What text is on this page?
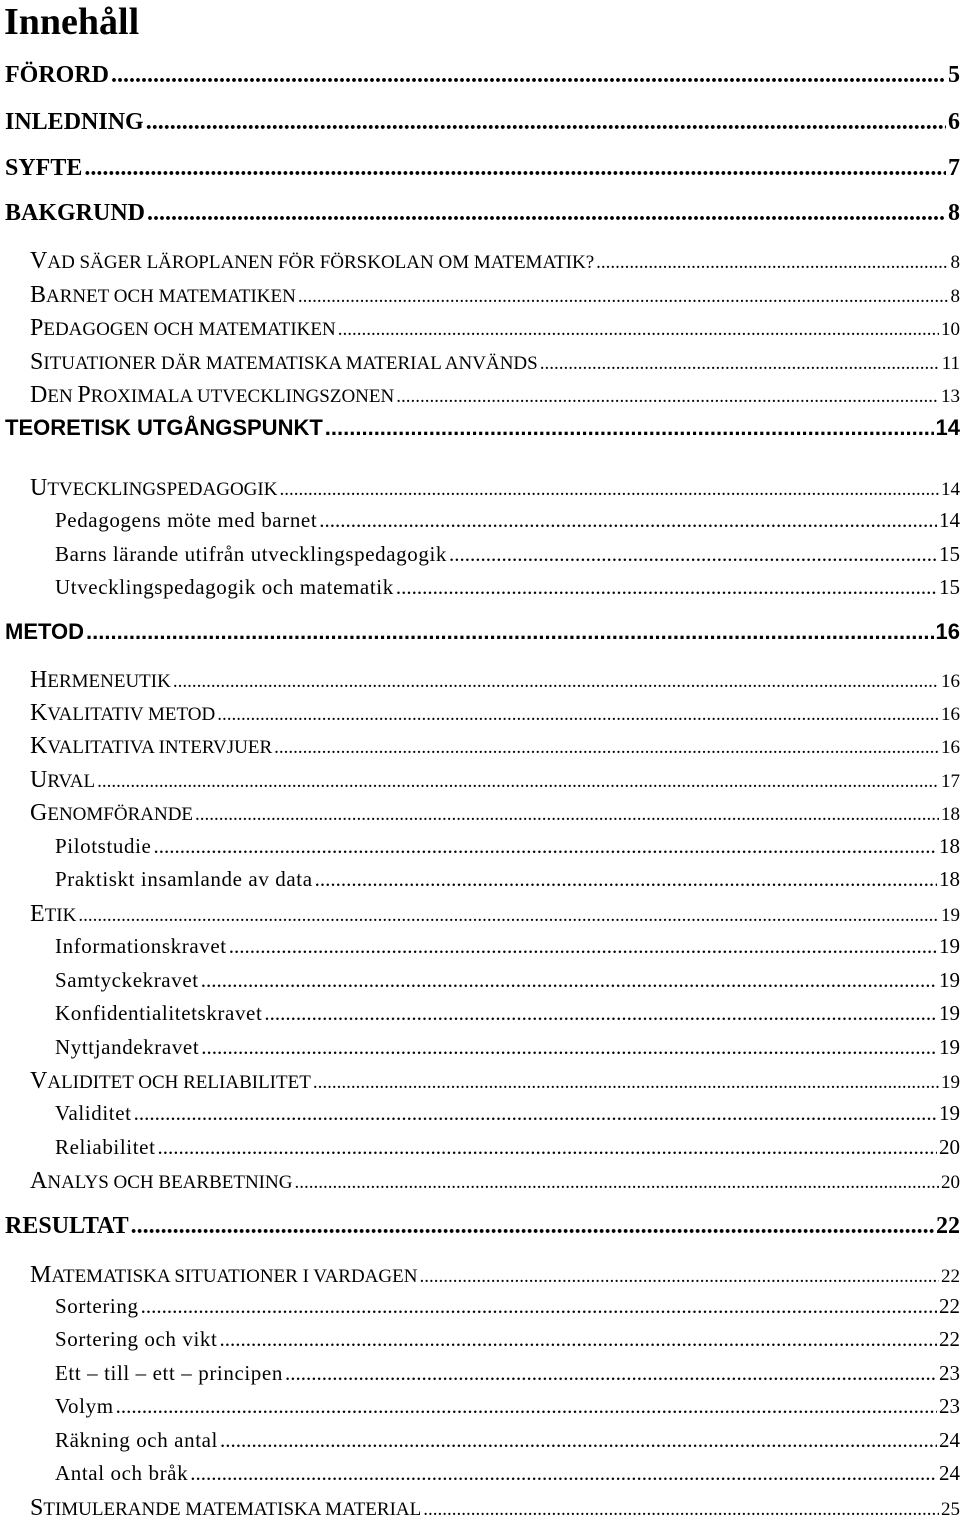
Innehåll
FÖRORD .....	5
INLEDNING .....	6
SYFTE .....	7
BAKGRUND .....	8
VAD SÄGER LÄROPLANEN FÖR FÖRSKOLAN OM MATEMATIK? .....	8
BARNET OCH MATEMATIKEN .....	8
PEDAGOGEN OCH MATEMATIKEN .....	10
SITUATIONER DÄR MATEMATISKA MATERIAL ANVÄNDS .....	11
DEN PROXIMALA UTVECKLINGSZONEN .....	13
TEORETISK UTGÅNGSPUNKT .....	14
UTVECKLINGSPEDAGOGIK .....	14
Pedagogens möte med barnet .....	14
Barns lärande utifrån utvecklingspedagogik .....	15
Utvecklingspedagogik och matematik .....	15
METOD .....	16
HERMENEUTIK .....	16
KVALITATIV METOD .....	16
KVALITATIVA INTERVJUER .....	16
URVAL .....	17
GENOMFÖRANDE .....	18
Pilotstudie .....	18
Praktiskt insamlande av data .....	18
ETIK .....	19
Informationskravet .....	19
Samtyckekravet .....	19
Konfidentialitetskravet .....	19
Nyttjandekravet .....	19
VALIDITET OCH RELIABILITET .....	19
Validitet .....	19
Reliabilitet .....	20
ANALYS OCH BEARBETNING .....	20
RESULTAT .....	22
MATEMATISKA SITUATIONER I VARDAGEN .....	22
Sortering .....	22
Sortering och vikt .....	22
Ett – till – ett – principen .....	23
Volym .....	23
Räkning och antal .....	24
Antal och bråk .....	24
STIMULERANDE MATEMATISKA MATERIAL .....	25
